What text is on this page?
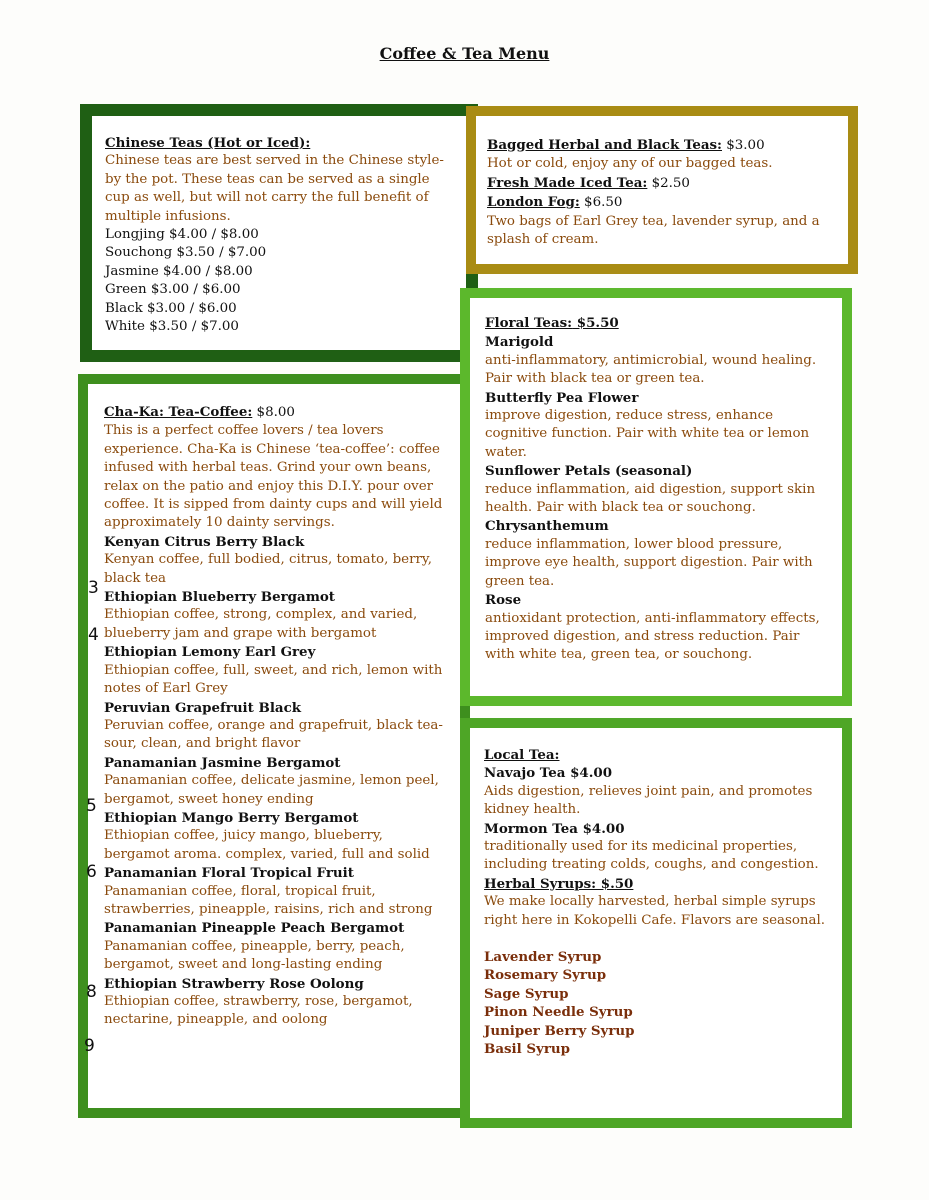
Coffee & Tea Menu

Chinese Teas (Hot or Iced):

Chinese teas are best served in the Chinese style- by the pot. These teas can be served as a single cup as well, but will not carry the full benefit of multiple infusions.

Longjing $4.00 / $8.00

Souchong $3.50 / $7.00

Jasmine $4.00 / $8.00

Green $3.00 / $6.00

Black $3.00 / $6.00

White $3.50 / $7.00

Bagged Herbal and Black Teas: $3.00

Hot or cold, enjoy any of our bagged teas.

Fresh Made Iced Tea: $2.50

London Fog: $6.50

Two bags of Earl Grey tea, lavender syrup, and a splash of cream.

Cha-Ka: Tea-Coffee: $8.00

This is a perfect coffee lovers / tea lovers experience. Cha-Ka is Chinese ‘tea-coffee’: coffee infused with herbal teas. Grind your own beans, relax on the patio and enjoy this D.I.Y. pour over coffee. It is sipped from dainty cups and will yield approximately 10 dainty servings.

Kenyan Citrus Berry Black

Kenyan coffee, full bodied, citrus, tomato, berry, black tea

Ethiopian Blueberry Bergamot

Ethiopian coffee, strong, complex, and varied, blueberry jam and grape with bergamot

Ethiopian Lemony Earl Grey

Ethiopian coffee, full, sweet, and rich, lemon with notes of Earl Grey

Peruvian Grapefruit Black

Peruvian coffee, orange and grapefruit, black tea- sour, clean, and bright flavor

Panamanian Jasmine Bergamot

Panamanian coffee, delicate jasmine, lemon peel, bergamot, sweet honey ending

Ethiopian Mango Berry Bergamot

Ethiopian coffee, juicy mango, blueberry, bergamot aroma. complex, varied, full and solid

Panamanian Floral Tropical Fruit

Panamanian coffee, floral, tropical fruit, strawberries, pineapple, raisins, rich and strong

Panamanian Pineapple Peach Bergamot

Panamanian coffee, pineapple, berry, peach, bergamot, sweet and long-lasting ending

Ethiopian Strawberry Rose Oolong

Ethiopian coffee, strawberry, rose, bergamot, nectarine, pineapple, and oolong

3
4
5
6
8
9

Floral Teas: $5.50

Marigold

anti-inflammatory, antimicrobial, wound healing. Pair with black tea or green tea.

Butterfly Pea Flower

improve digestion, reduce stress, enhance cognitive function. Pair with white tea or lemon water.

Sunflower Petals (seasonal)

reduce inflammation, aid digestion, support skin health. Pair with black tea or souchong.

Chrysanthemum

reduce inflammation, lower blood pressure, improve eye health, support digestion. Pair with green tea.

Rose

antioxidant protection, anti-inflammatory effects, improved digestion, and stress reduction. Pair with white tea, green tea, or souchong.

Local Tea:

Navajo Tea $4.00

Aids digestion, relieves joint pain, and promotes kidney health.

Mormon Tea $4.00

traditionally used for its medicinal properties, including treating colds, coughs, and congestion.

Herbal Syrups: $.50

We make locally harvested, herbal simple syrups right here in Kokopelli Cafe. Flavors are seasonal.

Lavender Syrup

Rosemary Syrup

Sage Syrup

Pinon Needle Syrup

Juniper Berry Syrup

Basil Syrup
